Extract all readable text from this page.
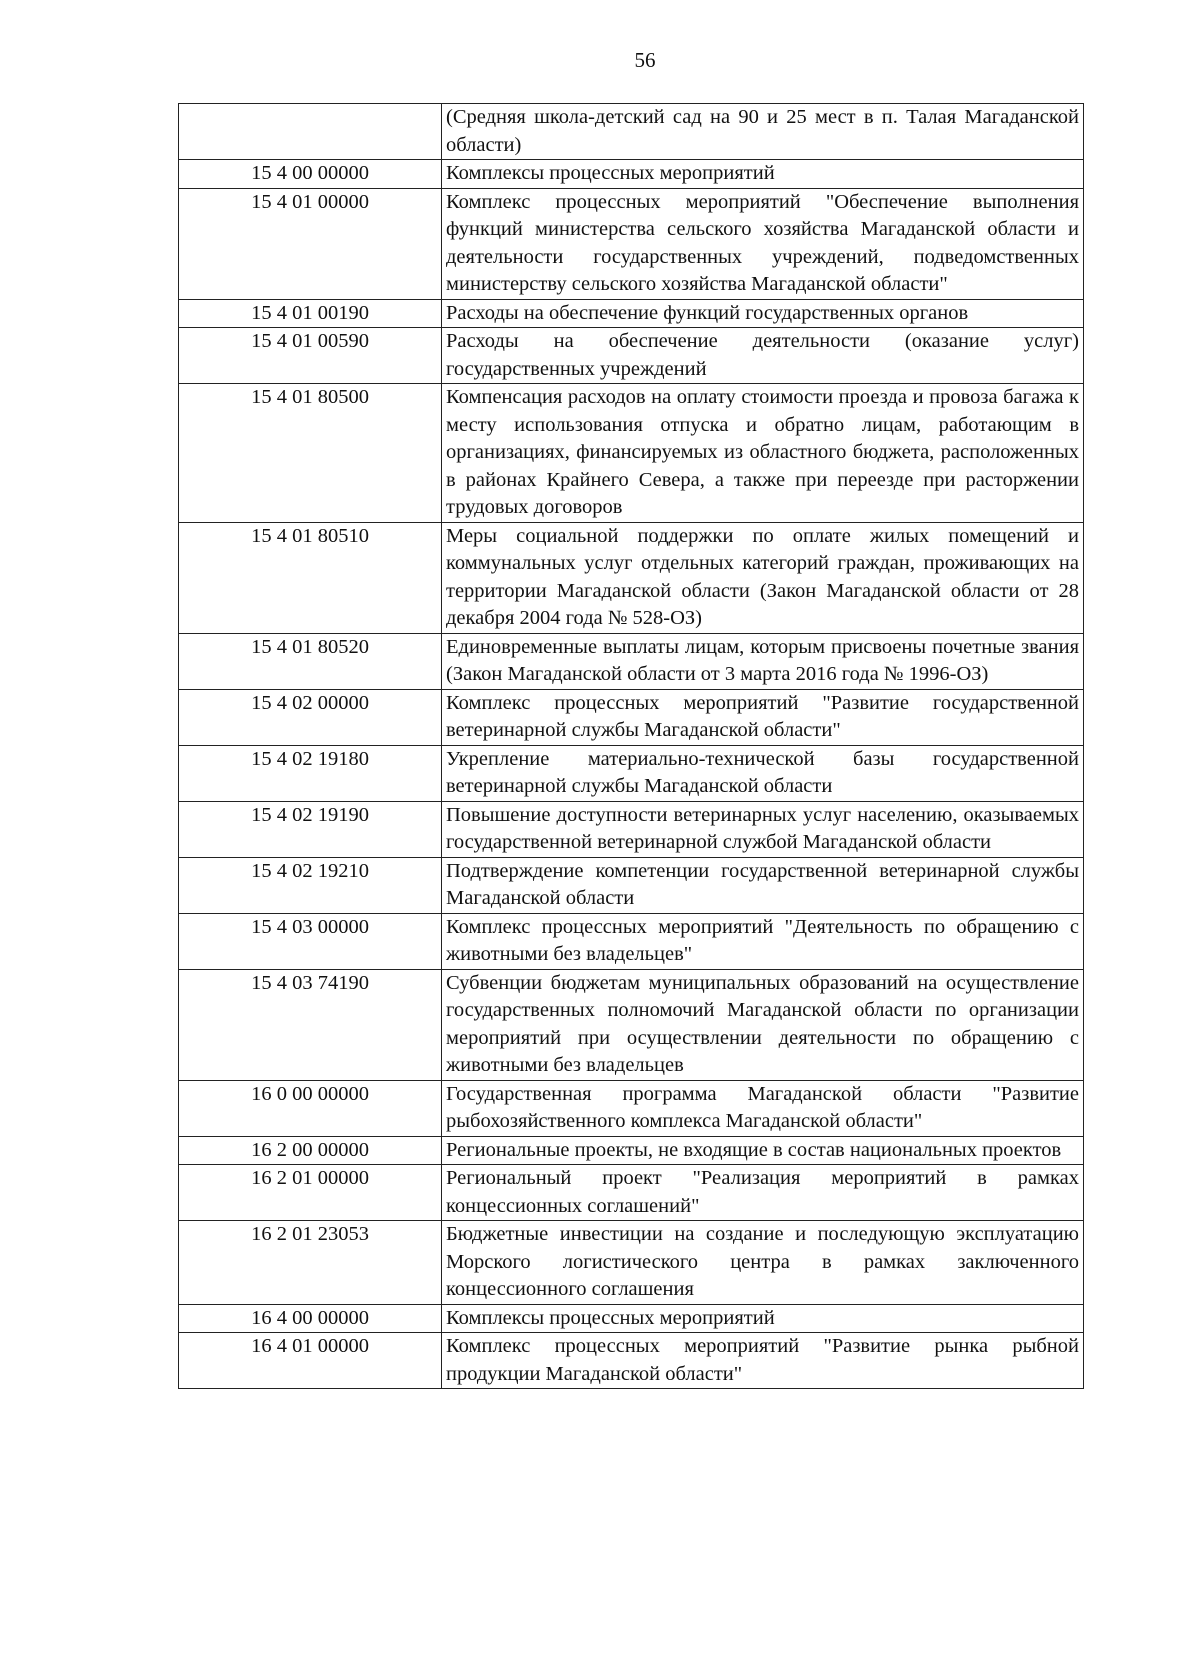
56
	(Средняя школа-детский сад на 90 и 25 мест в п. Талая Магаданской области)
15 4 00 00000	Комплексы процессных мероприятий
15 4 01 00000	Комплекс процессных мероприятий "Обеспечение выполнения функций министерства сельского хозяйства Магаданской области и деятельности государственных учреждений, подведомственных министерству сельского хозяйства Магаданской области"
15 4 01 00190	Расходы на обеспечение функций государственных органов
15 4 01 00590	Расходы на обеспечение деятельности (оказание услуг) государственных учреждений
15 4 01 80500	Компенсация расходов на оплату стоимости проезда и провоза багажа к месту использования отпуска и обратно лицам, работающим в организациях, финансируемых из областного бюджета, расположенных в районах Крайнего Севера, а также при переезде при расторжении трудовых договоров
15 4 01 80510	Меры социальной поддержки по оплате жилых помещений и коммунальных услуг отдельных категорий граждан, проживающих на территории Магаданской области (Закон Магаданской области от 28 декабря 2004 года № 528-ОЗ)
15 4 01 80520	Единовременные выплаты лицам, которым присвоены почетные звания (Закон Магаданской области от 3 марта 2016 года № 1996-ОЗ)
15 4 02 00000	Комплекс процессных мероприятий "Развитие государственной ветеринарной службы Магаданской области"
15 4 02 19180	Укрепление материально-технической базы государственной ветеринарной службы Магаданской области
15 4 02 19190	Повышение доступности ветеринарных услуг населению, оказываемых государственной ветеринарной службой Магаданской области
15 4 02 19210	Подтверждение компетенции государственной ветеринарной службы Магаданской области
15 4 03 00000	Комплекс процессных мероприятий "Деятельность по обращению с животными без владельцев"
15 4 03 74190	Субвенции бюджетам муниципальных образований на осуществление государственных полномочий Магаданской области по организации мероприятий при осуществлении деятельности по обращению с животными без владельцев
16 0 00 00000	Государственная программа Магаданской области "Развитие рыбохозяйственного комплекса Магаданской области"
16 2 00 00000	Региональные проекты, не входящие в состав национальных проектов
16 2 01 00000	Региональный проект "Реализация мероприятий в рамках концессионных соглашений"
16 2 01 23053	Бюджетные инвестиции на создание и последующую эксплуатацию Морского логистического центра в рамках заключенного концессионного соглашения
16 4 00 00000	Комплексы процессных мероприятий
16 4 01 00000	Комплекс процессных мероприятий "Развитие рынка рыбной продукции Магаданской области"
